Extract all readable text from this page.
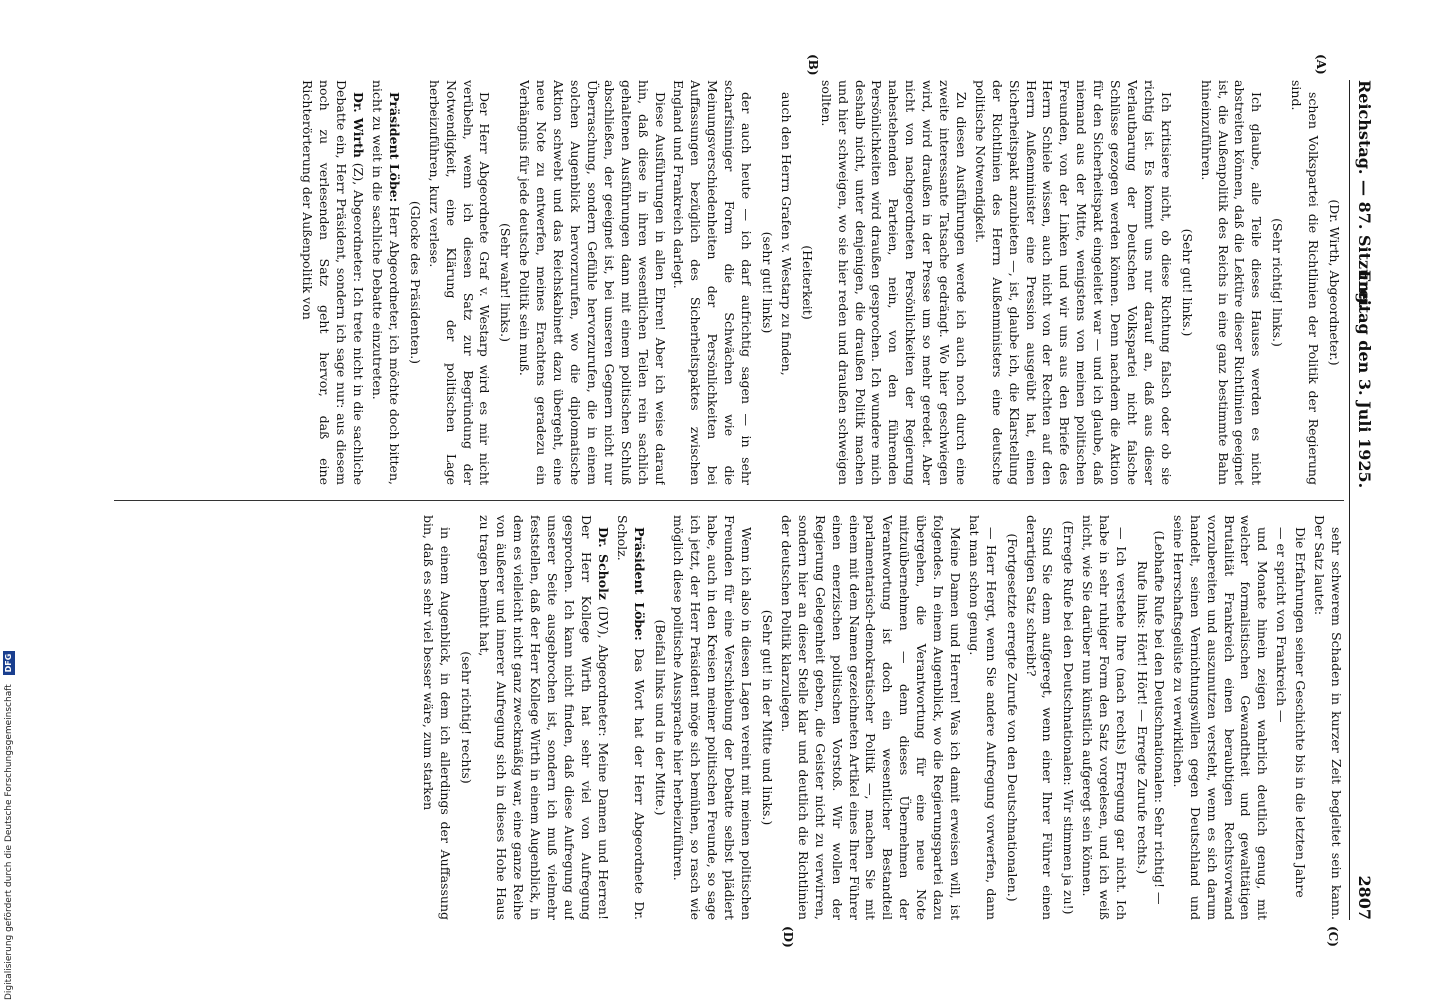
Digitalisierung gefördert durch die Deutsche Forschungsgemeinschaft DFG
Reichstag. — 87. Sitzung.
Freitag den 3. Juli 1925.
2807

(Dr. Wirth, Abgeordneter.)

schen Volkspartei die Richtlinien der Politik der Regierung sind.

(Sehr richtig! links.)

Ich glaube, alle Teile dieses Hauses werden es nicht abstreiten können, daß die Lektüre dieser Richtlinien geeignet ist, die Außenpolitik des Reichs in eine ganz bestimmte Bahn hineinzuführen.

(Sehr gut! links.)

Ich kritisiere nicht, ob diese Richtung falsch oder ob sie richtig ist. Es kommt uns nur darauf an, daß aus dieser Verlautbarung der Deutschen Volkspartei nicht falsche Schlüsse gezogen werden können. Denn nachdem die Aktion für den Sicherheitspakt eingeleitet war — und ich glaube, daß niemand aus der Mitte, wenigstens von meinen politischen Freunden, von der Linken und wir uns aus den Briefe des Herrn Schiele wissen, auch nicht von der Rechten auf den Herrn Außenminister eine Pression ausgeübt hat, einen Sicherheitspakt anzubieten —, ist, glaube ich, die Klarstellung der Richtlinien des Herrn Außenministers eine deutsche politische Notwendigkeit.

Zu diesen Ausführungen werde ich auch noch durch eine zweite interessante Tatsache gedrängt. Wo hier geschwiegen wird, wird draußen in der Presse um so mehr geredet. Aber nicht von nachgeordneten Persönlichkeiten der Regierung nahestehenden Parteien, nein, von den führenden Persönlichkeiten wird draußen gesprochen. Ich wundere mich deshalb nicht, unter denjenigen, die draußen Politik machen und hier schweigen, wo sie hier reden und draußen schweigen sollten.

(Heiterkeit)

auch den Herrn Grafen v. Westarp zu finden,

(sehr gut! links)

der auch heute — ich darf aufrichtig sagen — in sehr scharfsinniger Form die Schwächen wie die Meinungsverschiedenheiten der Persönlichkeiten bei Auffassungen bezüglich des Sicherheitspaktes zwischen England und Frankreich darlegt.

Diese Ausführungen in allen Ehren! Aber ich weise darauf hin, daß diese in ihren wesentlichen Teilen rein sachlich gehaltenen Ausführungen dann mit einem politischen Schluß abschließen, der geeignet ist, bei unseren Gegnern nicht nur Überraschung, sondern Gefühle hervorzurufen, die in einem solchen Augenblick hervorzurufen, wo die diplomatische Aktion schwebt und das Reichskabinett dazu übergeht, eine neue Note zu entwerfen, meines Erachtens geradezu ein Verhängnis für jede deutsche Politik sein muß.

(Sehr wahr! links.)

Der Herr Abgeordnete Graf v. Westarp wird es mir nicht verübeln, wenn ich diesen Satz zur Begründung der Notwendigkeit, eine Klärung der politischen Lage herbeizuführen, kurz verlese.

(Glocke des Präsidenten.)

Präsident Löbe: Herr Abgeordneter, ich möchte doch bitten, nicht zu weit in die sachliche Debatte einzutreten.

Dr. Wirth (Z), Abgeordneter: Ich trete nicht in die sachliche Debatte ein, Herr Präsident, sondern ich sage nur: aus diesem noch zu verlesenden Satz geht hervor, daß eine Richterörterung der Außenpolitik von

sehr schwerem Schaden in kurzer Zeit begleitet sein kann. Der Satz lautet:

Die Erfahrungen seiner Geschichte bis in die letzten Jahre

— er spricht von Frankreich —

und Monate hinein zeigen wahrlich deutlich genug, mit welcher formalistischen Gewandtheit und gewalttätigen Brutalität Frankreich einen beraubtigen Rechtsvorwand vorzubereiten und auszunutzen versteht, wenn es sich darum handelt, seinen Vernichtungswillen gegen Deutschland und seine Herrschaftsgelüste zu verwirklichen.

(Lebhafte Rufe bei den Deutschnationalen: Sehr richtig! — Rufe links: Hört! Hört! — Erregte Zurufe rechts.)

— Ich verstehe Ihre (nach rechts) Erregung gar nicht. Ich habe in sehr ruhiger Form den Satz vorgelesen, und ich weiß nicht, wie Sie darüber nun künstlich aufgeregt sein können.

(Erregte Rufe bei den Deutschnationalen: Wir stimmen ja zu!)

Sind Sie denn aufgeregt, wenn einer Ihrer Führer einen derartigen Satz schreibt?

(Fortgesetzte erregte Zurufe von den Deutschnationalen.)

— Herr Hergt, wenn Sie andere Aufregung vorwerfen, dann hat man schon genug.

Meine Damen und Herren! Was ich damit erweisen will, ist folgendes. In einem Augenblick, wo die Regierungspartei dazu übergehen, die Verantwortung für eine neue Note mitzuübernehmen — denn dieses Übernehmen der Verantwortung ist doch ein wesentlicher Bestandteil parlamentarisch-demokratischer Politik —, machen Sie mit einem mit dem Namen gezeichneten Artikel eines Ihrer Führer einen enerzischen politischen Vorstoß. Wir wollen der Regierung Gelegenheit geben, die Geister nicht zu verwirren, sondern hier an dieser Stelle klar und deutlich die Richtlinien der deutschen Politik klarzulegen.

(Sehr gut! in der Mitte und links.)

Wenn ich also in diesen Lagen vereint mit meinen politischen Freunden für eine Verschiebung der Debatte selbst plädiert habe, auch in den Kreisen meiner politischen Freunde, so sage ich jetzt, der Herr Präsident möge sich bemühen, so rasch wie möglich diese politische Aussprache hier herbeizuführen.

(Beifall links und in der Mitte.)

Präsident Löbe: Das Wort hat der Herr Abgeordnete Dr. Scholz.

Dr. Scholz (DV), Abgeordneter: Meine Damen und Herren! Der Herr Kollege Wirth hat sehr viel von Aufregung gesprochen. Ich kann nicht finden, daß diese Aufregung auf unserer Seite ausgebrochen ist, sondern ich muß vielmehr feststellen, daß der Herr Kollege Wirth in einem Augenblick, in dem es vielleicht nicht ganz zweckmäßig war, eine ganze Reihe von äußerer und innerer Aufregung sich in dieses Hohe Haus zu tragen bemüht hat,

(sehr richtig! rechts)

in einem Augenblick, in dem ich allerdings der Auffassung bin, daß es sehr viel besser wäre, zum starken

(A)
(B)
(C)
(D)
